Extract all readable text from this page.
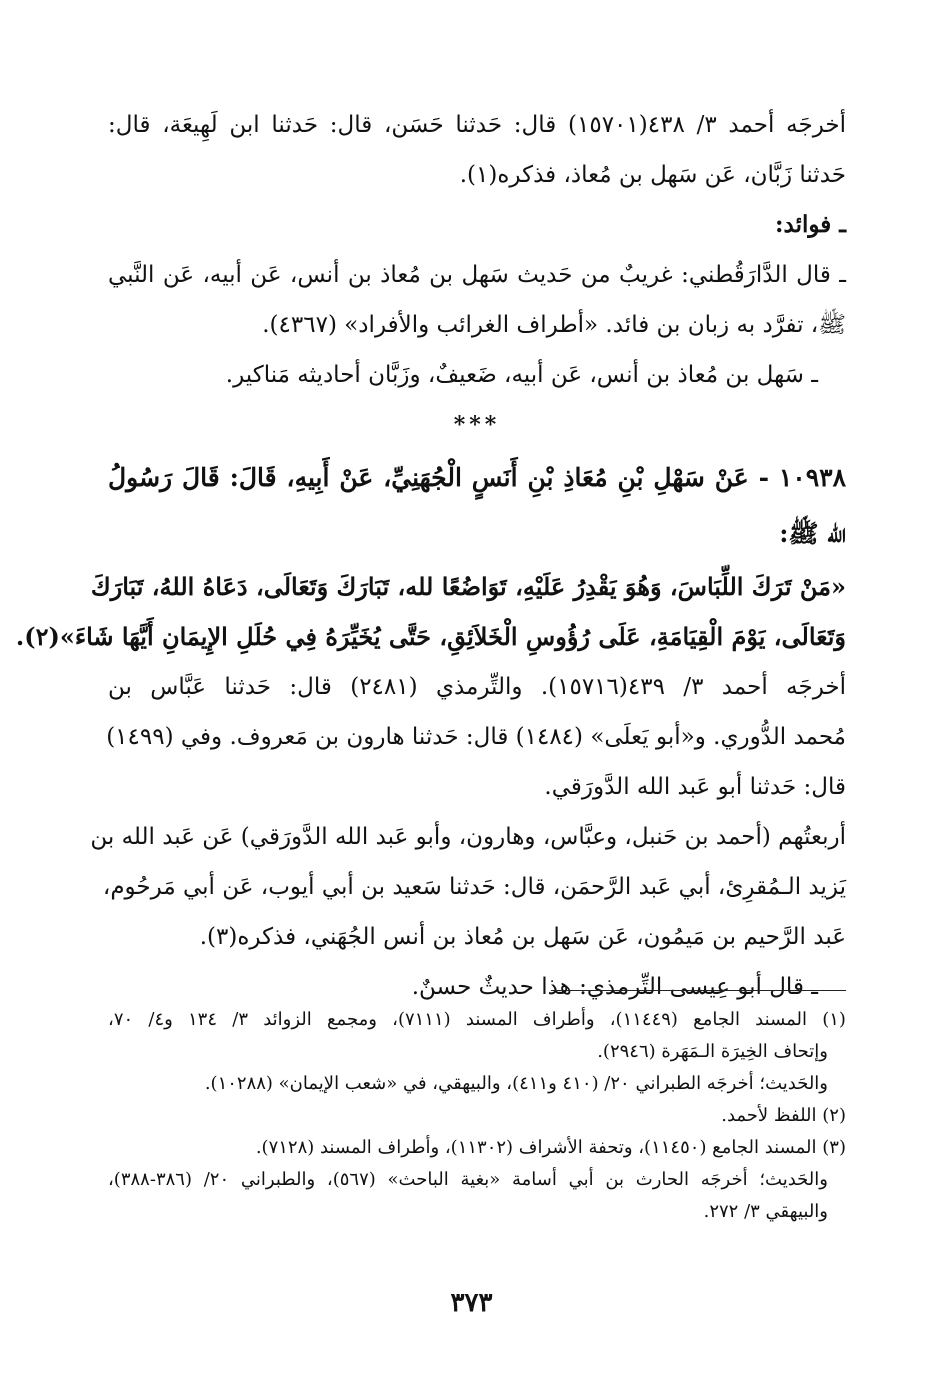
أخرجَه أحمد ٣/ ٤٣٨(١٥٧٠١) قال: حَدثنا حَسَن، قال: حَدثنا ابن لَهِيعَة، قال:
حَدثنا زَبَّان، عَن سَهل بن مُعاذ، فذكره(١).
ـ فوائد:
ـ قال الدَّارَقُطني: غريبٌ من حَديث سَهل بن مُعاذ بن أنس، عَن أبيه، عَن النَّبي
ﷺ، تفرَّد به زبان بن فائد. «أطراف الغرائب والأفراد» (٤٣٦٧).
ـ سَهل بن مُعاذ بن أنس، عَن أبيه، ضَعيفٌ، وزَبَّان أحاديثه مَناكير.
***
١٠٩٣٨ - عَنْ سَهْلِ بْنِ مُعَاذِ بْنِ أَنَسٍ الْجُهَنِيِّ، عَنْ أَبِيهِ، قَالَ: قَالَ رَسُولُ
الله ﷺ:
«مَنْ تَرَكَ اللِّبَاسَ، وَهُوَ يَقْدِرُ عَلَيْهِ، تَوَاضُعًا لله، تَبَارَكَ وَتَعَالَى، دَعَاهُ اللهُ، تَبَارَكَ
وَتَعَالَى، يَوْمَ الْقِيَامَةِ، عَلَى رُؤُوسِ الْخَلاَئِقِ، حَتَّى يُخَيِّرَهُ فِي حُلَلِ الإِيمَانِ أَيَّهَا شَاءَ»(٢).
أخرجَه أحمد ٣/ ٤٣٩(١٥٧١٦). والتِّرمذي (٢٤٨١) قال: حَدثنا عَبَّاس بن
مُحمد الدُّوري. و«أبو يَعلَى» (١٤٨٤) قال: حَدثنا هارون بن مَعروف. وفي (١٤٩٩)
قال: حَدثنا أبو عَبد الله الدَّورَقي.
أربعتُهم (أحمد بن حَنبل، وعبَّاس، وهارون، وأبو عَبد الله الدَّورَقي) عَن عَبد الله بن
يَزيد الـمُقرِئ، أبي عَبد الرَّحمَن، قال: حَدثنا سَعيد بن أبي أيوب، عَن أبي مَرحُوم،
عَبد الرَّحيم بن مَيمُون، عَن سَهل بن مُعاذ بن أنس الجُهَني، فذكره(٣).
ـ قال أبو عِيسى التِّرمذي: هذا حديثٌ حسنٌ.
(١) المسند الجامع (١١٤٤٩)، وأطراف المسند (٧١١١)، ومجمع الزوائد ٣/ ١٣٤ و٤/ ٧٠،
وإتحاف الخِيرَة الـمَهَرة (٢٩٤٦).
والحَديث؛ أخرجَه الطبراني ٢٠/ (٤١٠ و٤١١)، والبيهقي، في «شعب الإيمان» (١٠٢٨٨).
(٢) اللفظ لأحمد.
(٣) المسند الجامع (١١٤٥٠)، وتحفة الأشراف (١١٣٠٢)، وأطراف المسند (٧١٢٨).
والحَديث؛ أخرجَه الحارث بن أبي أسامة «بغية الباحث» (٥٦٧)، والطبراني ٢٠/ (٣٨٦-٣٨٨)،
والبيهقي ٣/ ٢٧٢.
٣٧٣
